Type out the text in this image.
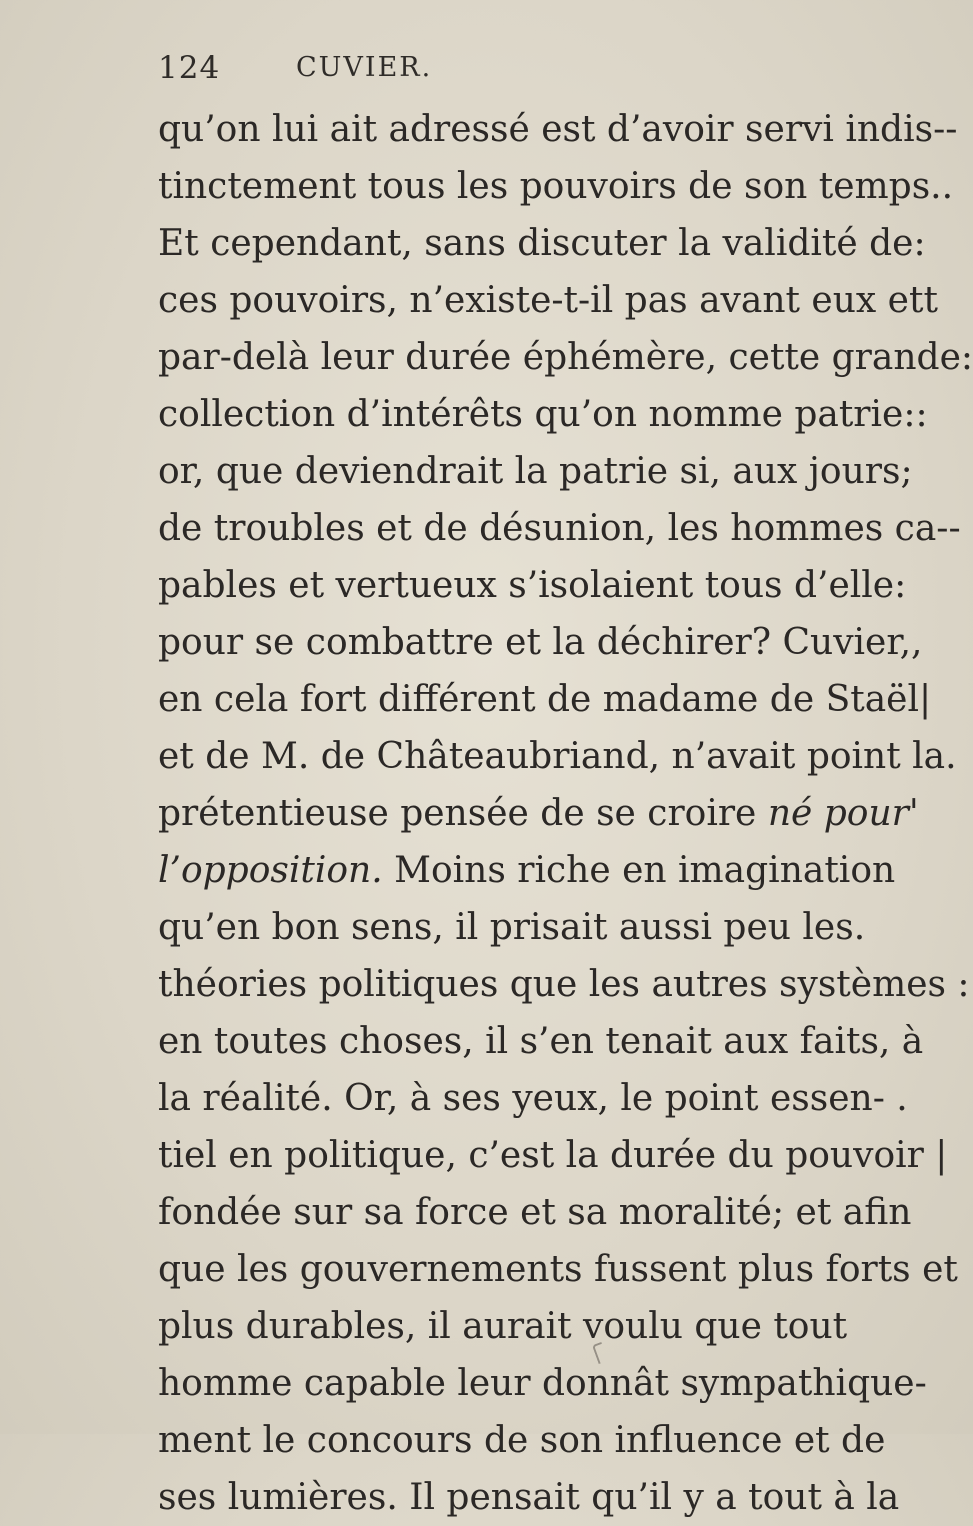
124	CUVIER.
qu’on lui ait adressé est d’avoir servi indis--
tinctement tous les pouvoirs de son temps..
Et cependant, sans discuter la validité de:
ces pouvoirs, n’existe-t-il pas avant eux ett
par-delà leur durée éphémère, cette grande:
collection d’intérêts qu’on nomme patrie::
or, que deviendrait la patrie si, aux jours;
de troubles et de désunion, les hommes ca--
pables et vertueux s’isolaient tous d’elle:
pour se combattre et la déchirer? Cuvier,,
en cela fort différent de madame de Staël|
et de M. de Châteaubriand, n’avait point la.
prétentieuse pensée de se croire né pour'
l’opposition. Moins riche en imagination
qu’en bon sens, il prisait aussi peu les.
théories politiques que les autres systèmes :
en toutes choses, il s’en tenait aux faits, à
la réalité. Or, à ses yeux, le point essen- .
tiel en politique, c’est la durée du pouvoir |
fondée sur sa force et sa moralité; et afin
que les gouvernements fussent plus forts et
plus durables, il aurait voulu que tout
homme capable leur donnât sympathique-
ment le concours de son influence et de
ses lumières. Il pensait qu’il y a tout à la
